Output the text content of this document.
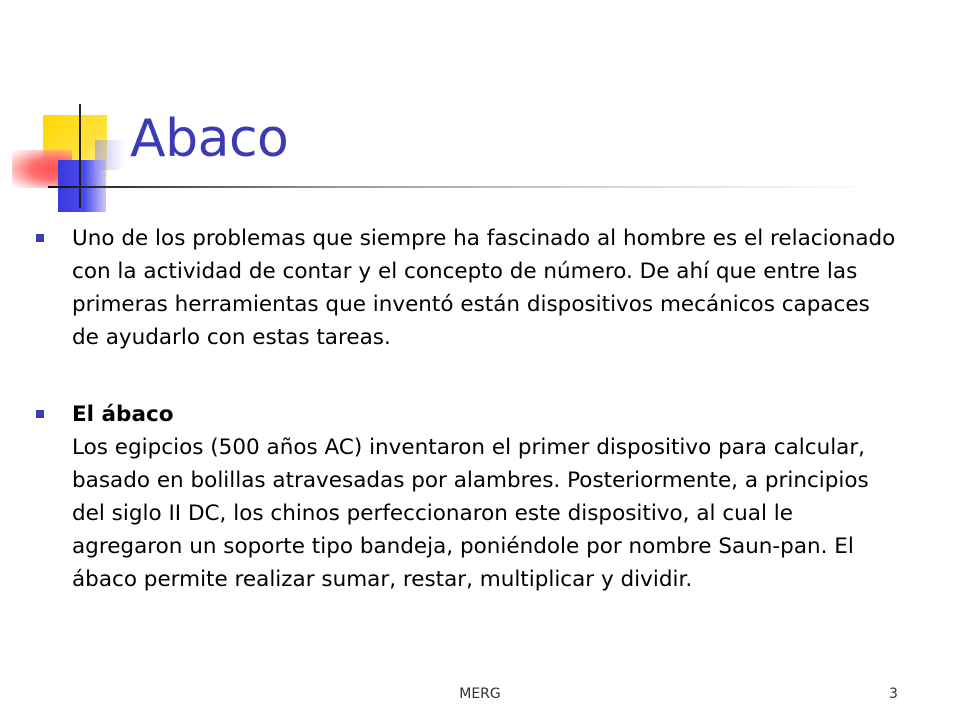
Abaco

Uno de los problemas que siempre ha fascinado al hombre es el relacionado con la actividad de contar y el concepto de número. De ahí que entre las primeras herramientas que inventó están dispositivos mecánicos capaces de ayudarlo con estas tareas.

El ábaco

Los egipcios (500 años AC) inventaron el primer dispositivo para calcular, basado en bolillas atravesadas por alambres. Posteriormente, a principios del siglo II DC, los chinos perfeccionaron este dispositivo, al cual le agregaron un soporte tipo bandeja, poniéndole por nombre Saun-pan. El ábaco permite realizar sumar, restar, multiplicar y dividir.

MERG	3
